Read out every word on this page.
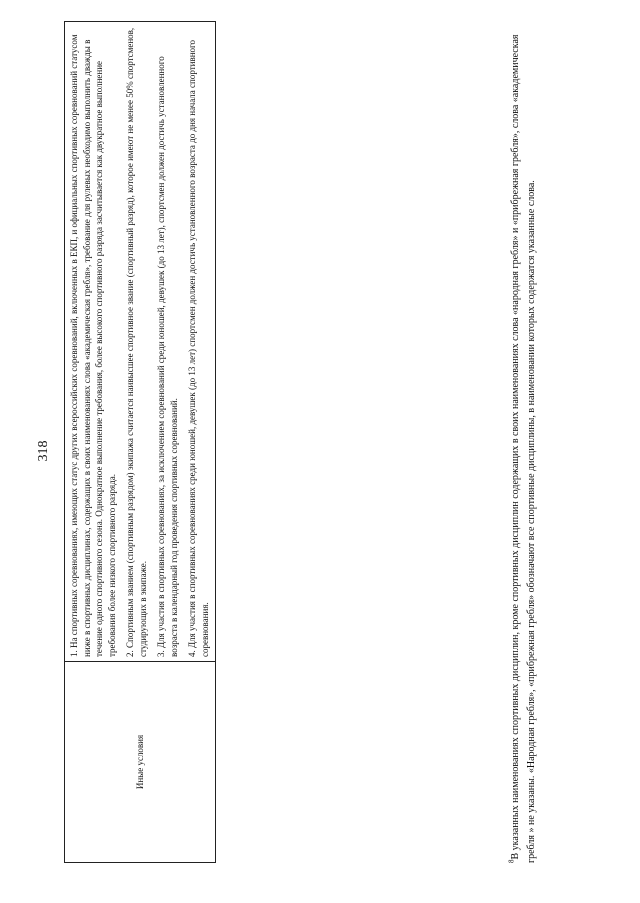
318
Иные условия	

1. На спортивных соревнованиях, имеющих статус других всероссийских соревнований, включенных в ЕКП, и официальных спортивных соревнований статусом ниже в спортивных дисциплинах, содержащих в своих наименованиях слова «академическая гребля», требование для рулевых необходимо выполнить дважды в течение одного спортивного сезона. Однократное выполнение требования, более высокого спортивного разряда засчитывается как двукратное выполнение требования более низкого спортивного разряда. 2. Спортивным званием (спортивным разрядом) экипажа считается наивысшее спортивное звание (спортивный разряд), которое имеют не менее 50% спортсменов, студирующих в экипаже. 3. Для участия в спортивных соревнованиях, за исключением соревнований среди юношей, девушек (до 13 лет), спортсмен должен достичь установленного возраста в календарный год проведения спортивных соревнований. 4. Для участия в спортивных соревнованиях среди юношей, девушек (до 13 лет) спортсмен должен достичь установленного возраста до дня начала спортивного соревнования.

$^8$В указанных наименованиях спортивных дисциплин, кроме спортивных дисциплин содержащих в своих наименованиях слова «народная гребля» и «прибрежная гребля», слова «академическая гребля » не указаны. «Народная гребля», «прибрежная гребля» обозначают все спортивные дисциплины, в наименовании которых содержатся указанные слова.
